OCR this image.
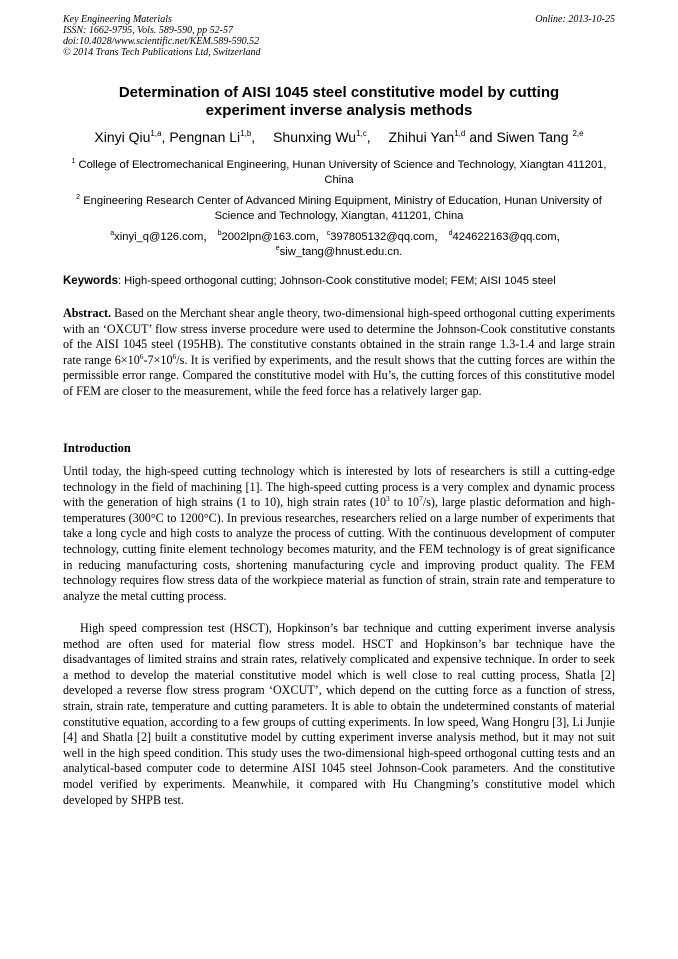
Key Engineering Materials
ISSN: 1662-9795, Vols. 589-590, pp 52-57
doi:10.4028/www.scientific.net/KEM.589-590.52
© 2014 Trans Tech Publications Ltd, Switzerland
Online: 2013-10-25
Determination of AISI 1045 steel constitutive model by cutting
experiment inverse analysis methods
Xinyi Qiu$^{1,a}$, Pengnan Li$^{1,b}$, Shunxing Wu$^{1,c}$, Zhihui Yan$^{1,d}$ and Siwen Tang $^{2,e}$
$^1$ College of Electromechanical Engineering, Hunan University of Science and Technology, Xiangtan 411201, China
$^2$ Engineering Research Center of Advanced Mining Equipment, Ministry of Education, Hunan University of Science and Technology, Xiangtan, 411201, China
$^a$xinyi_q@126.com， $^b$2002lpn@163.com，$^c$397805132@qq.com， $^d$424622163@qq.com，
$^e$siw_tang@hnust.edu.cn.
Keywords: High-speed orthogonal cutting; Johnson-Cook constitutive model; FEM; AISI 1045 steel
Abstract. Based on the Merchant shear angle theory, two-dimensional high-speed orthogonal cutting experiments with an ‘OXCUT’ flow stress inverse procedure were used to determine the Johnson-Cook constitutive constants of the AISI 1045 steel (195HB). The constitutive constants obtained in the strain range 1.3-1.4 and large strain rate range $6\times 10^6-7\times 10^6/s$. It is verified by experiments, and the result shows that the cutting forces are within the permissible error range. Compared the constitutive model with Hu’s, the cutting forces of this constitutive model of FEM are closer to the measurement, while the feed force has a relatively larger gap.
Introduction
Until today, the high-speed cutting technology which is interested by lots of researchers is still a cutting-edge technology in the field of machining [1]. The high-speed cutting process is a very complex and dynamic process with the generation of high strains (1 to 10), high strain rates ($10^3$ to $10^7/s$), large plastic deformation and high-temperatures (300°C to 1200°C). In previous researches, researchers relied on a large number of experiments that take a long cycle and high costs to analyze the process of cutting. With the continuous development of computer technology, cutting finite element technology becomes maturity, and the FEM technology is of great significance in reducing manufacturing costs, shortening manufacturing cycle and improving product quality. The FEM technology requires flow stress data of the workpiece material as function of strain, strain rate and temperature to analyze the metal cutting process.
High speed compression test (HSCT), Hopkinson’s bar technique and cutting experiment inverse analysis method are often used for material flow stress model. HSCT and Hopkinson’s bar technique have the disadvantages of limited strains and strain rates, relatively complicated and expensive technique. In order to seek a method to develop the material constitutive model which is well close to real cutting process, Shatla [2] developed a reverse flow stress program ‘OXCUT’, which depend on the cutting force as a function of stress, strain, strain rate, temperature and cutting parameters. It is able to obtain the undetermined constants of material constitutive equation, according to a few groups of cutting experiments. In low speed, Wang Hongru [3], Li Junjie [4] and Shatla [2] built a constitutive model by cutting experiment inverse analysis method, but it may not suit well in the high speed condition. This study uses the two-dimensional high-speed orthogonal cutting tests and an analytical-based computer code to determine AISI 1045 steel Johnson-Cook parameters. And the constitutive model verified by experiments. Meanwhile, it compared with Hu Changming’s constitutive model which developed by SHPB test.
